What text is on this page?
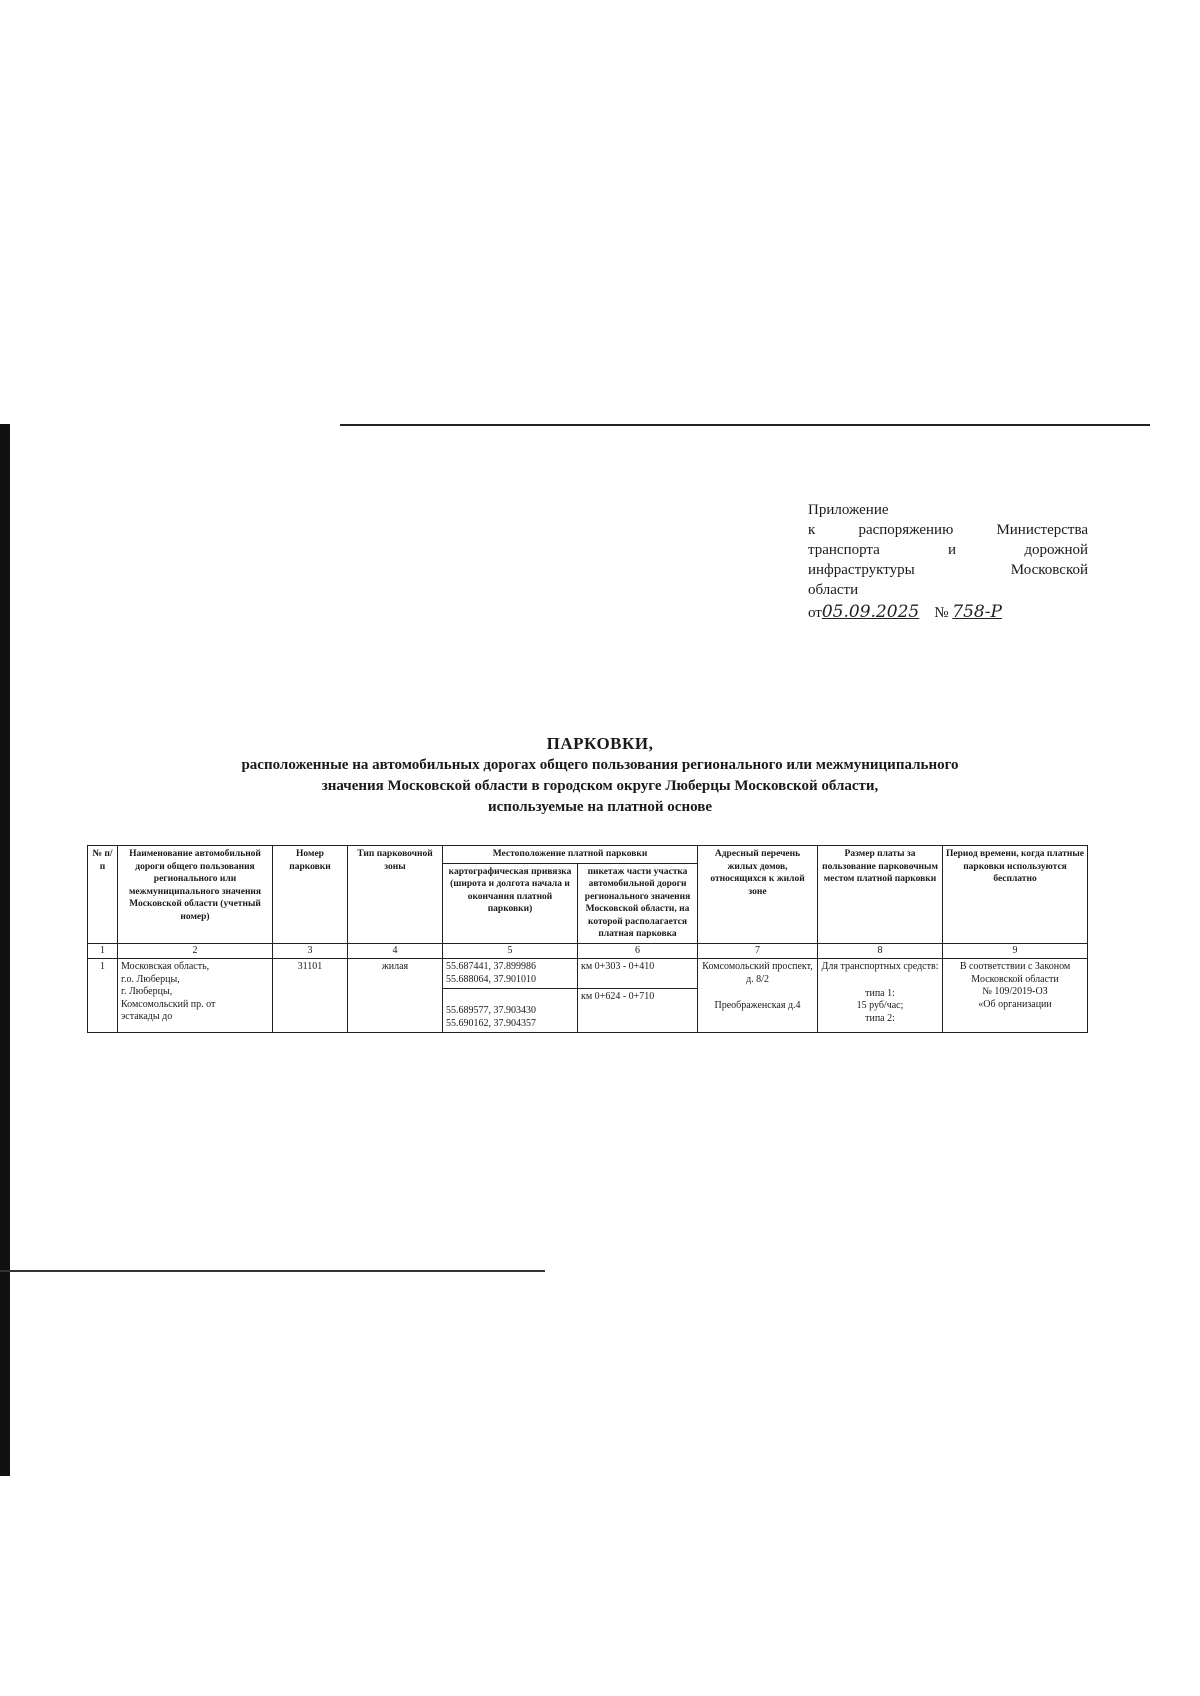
Приложение
к распоряжению Министерства
транспорта и дорожной
инфраструктуры Московской
области
от05.09.2025 № 758-Р
ПАРКОВКИ,
расположенные на автомобильных дорогах общего пользования регионального или межмуниципального
значения Московской области в городском округе Люберцы Московской области,
используемые на платной основе
№ п/п	Наименование автомобильной дороги общего пользования регионального или межмуниципального значения Московской области (учетный номер)	Номер парковки	Тип парковочной зоны	Местоположение платной парковки		Адресный перечень жилых домов, относящихся к жилой зоне	Размер платы за пользование парковочным местом платной парковки	Период времени, когда платные парковки используются бесплатно
				картографическая привязка (широта и долгота начала и окончания платной парковки)	пикетаж части участка автомобильной дороги регионального значения Московской области, на которой располагается платная парковка			
1	2	3	4	5	6	7	8	9
1	Московская область,
г.о. Люберцы,
г. Люберцы,
Комсомольский пр. от
эстакады до	31101	жилая	55.687441, 37.899986
55.688064, 37.901010	км 0+303 - 0+410	Комсомольский проспект, д. 8/2
Преображенская д.4	Для транспортных средств:
типа 1:
15 руб/час;
типа 2:	В соответствии с Законом Московской области
№ 109/2019-ОЗ
«Об организации

				55.689577, 37.903430
55.690162, 37.904357	км 0+624 - 0+710			
